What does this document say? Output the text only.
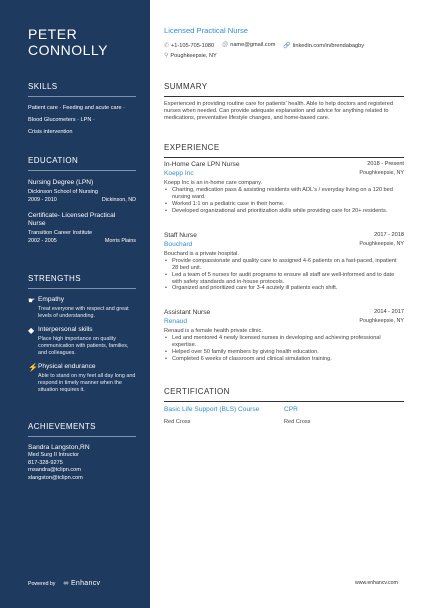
PETER
CONNOLLY
SKILLS
Patient care · Feeding and acute care ·
Blood Glucometers · LPN ·
Crisis intervention
EDUCATION
Nursing Degree (LPN)
Dickinson School of Nursing
2009 - 2010	Dickinson, ND
Certificate- Licensed Practical Nurse
Transition Career Institute
2002 - 2005	Morris Plains
STRENGTHS
☛ Empathy
Treat everyone with respect and great levels of understanding.
◆ Interpersonal skills
Place high importance on quality communication with patients, families, and colleagues.
⚡ Physical endurance
Able to stand on my feet all day long and respond in timely manner when the situation requires it.
ACHIEVEMENTS
Sandra Langston,RN
Med Surg II Intructor
817-328-9275
rnsandra@tclipn.com
slangston@tclipn.com
Powered by ∞ Enhancv
Licensed Practical Nurse
✆ +1-105-705-1080 @ name@gmail.com 🔗 linkedin.com/in/brendabagby
⚲ Poughkeepsie, NY
SUMMARY
Experienced in providing routine care for patients' health. Able to help doctors and registered nurses when needed. Can provide adequate explanation and advice for anything related to medications, preventative lifestyle changes, and home-based care.
EXPERIENCE
In-Home Care LPN Nurse	2018 - Present
Koepp Inc	Poughkeepsie, NY
Koepp Inc is an in-home care company.
• Charting, medication pass & assisting residents with ADL's / everyday living on a 120 bed nursing ward.
• Worked 1:1 on a pediatric case in their home.
• Developed organizational and prioritization skills while providing care for 20+ residents.
Staff Nurse	2017 - 2018
Bouchard	Poughkeepsie, NY
Bouchard is a private hospital.
• Provide compassionate and quality care to assigned 4-6 patients on a fast-paced, inpatient 28 bed unit.
• Led a team of 5 nurses for audit programs to ensure all staff are well-informed and to date with safety standards and in-house protocols.
• Organized and prioritized care for 3-4 acutely ill patients each shift.
Assistant Nurse	2014 - 2017
Renaud	Poughkeepsie, NY
Renaud is a female health private clinic.
• Led and mentored 4 newly licensed nurses in developing and achieving professional expertise.
• Helped over 50 family members by giving health education.
• Completed 6 weeks of classroom and clinical simulation training.
CERTIFICATION
Basic Life Support (BLS) Course
Red Cross
CPR
Red Cross
www.enhancv.com
